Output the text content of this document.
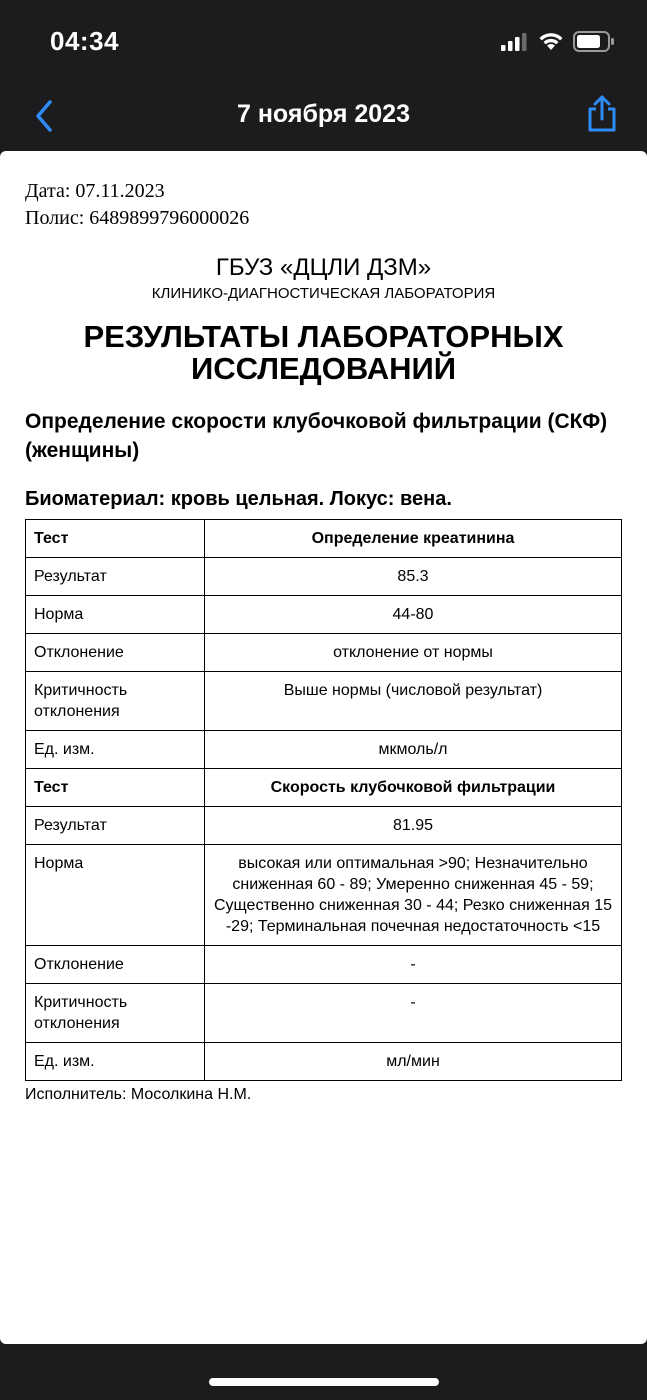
04:34
7 ноября 2023
Дата: 07.11.2023
Полис: 6489899796000026
ГБУЗ «ДЦЛИ ДЗМ»
КЛИНИКО-ДИАГНОСТИЧЕСКАЯ ЛАБОРАТОРИЯ
РЕЗУЛЬТАТЫ ЛАБОРАТОРНЫХ
ИССЛЕДОВАНИЙ
Определение скорости клубочковой фильтрации (СКФ) (женщины)
Биоматериал: кровь цельная. Локус: вена.
Тест	Определение креатинина
Результат	85.3
Норма	44-80
Отклонение	отклонение от нормы
Критичность отклонения	Выше нормы (числовой результат)
Ед. изм.	мкмоль/л
Тест	Скорость клубочковой фильтрации
Результат	81.95
Норма	высокая или оптимальная >90; Незначительно сниженная 60 - 89; Умеренно сниженная 45 - 59; Существенно сниженная 30 - 44; Резко сниженная 15 -29; Терминальная почечная недостаточность <15
Отклонение	-
Критичность отклонения	-
Ед. изм.	мл/мин
Исполнитель: Мосолкина Н.М.
